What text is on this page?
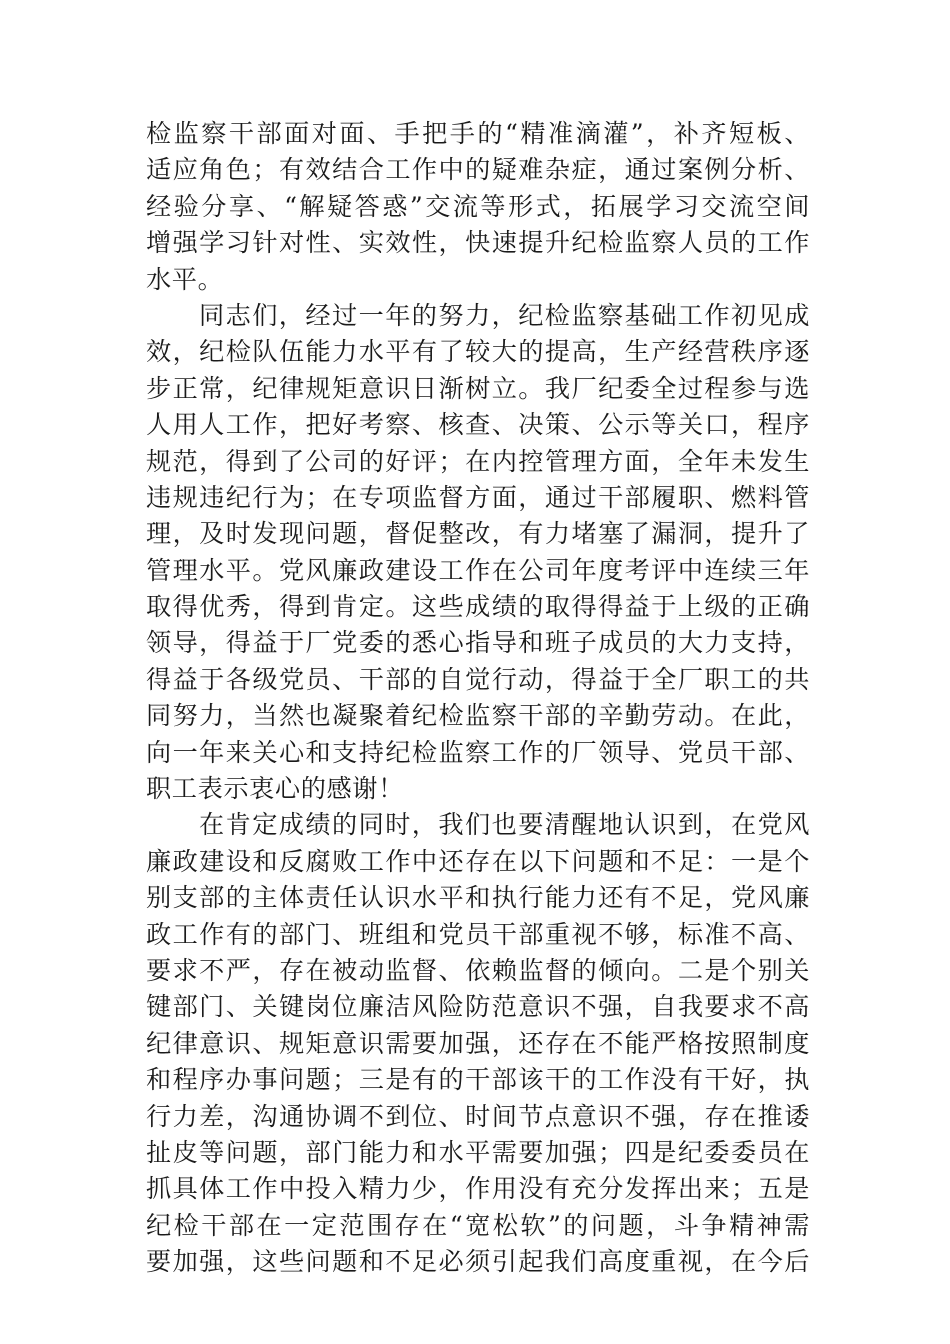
检监察干部面对面、手把手的“精准滴灌”，补齐短板、
适应角色；有效结合工作中的疑难杂症，通过案例分析、
经验分享、“解疑答惑”交流等形式，拓展学习交流空间
增强学习针对性、实效性，快速提升纪检监察人员的工作
水平。
同志们，经过一年的努力，纪检监察基础工作初见成
效，纪检队伍能力水平有了较大的提高，生产经营秩序逐
步正常，纪律规矩意识日渐树立。我厂纪委全过程参与选
人用人工作，把好考察、核查、决策、公示等关口，程序
规范，得到了公司的好评；在内控管理方面，全年未发生
违规违纪行为；在专项监督方面，通过干部履职、燃料管
理，及时发现问题，督促整改，有力堵塞了漏洞，提升了
管理水平。党风廉政建设工作在公司年度考评中连续三年
取得优秀，得到肯定。这些成绩的取得得益于上级的正确
领导，得益于厂党委的悉心指导和班子成员的大力支持，
得益于各级党员、干部的自觉行动，得益于全厂职工的共
同努力，当然也凝聚着纪检监察干部的辛勤劳动。在此，
向一年来关心和支持纪检监察工作的厂领导、党员干部、
职工表示衷心的感谢！
在肯定成绩的同时，我们也要清醒地认识到，在党风
廉政建设和反腐败工作中还存在以下问题和不足：一是个
别支部的主体责任认识水平和执行能力还有不足，党风廉
政工作有的部门、班组和党员干部重视不够，标准不高、
要求不严，存在被动监督、依赖监督的倾向。二是个别关
键部门、关键岗位廉洁风险防范意识不强，自我要求不高
纪律意识、规矩意识需要加强，还存在不能严格按照制度
和程序办事问题；三是有的干部该干的工作没有干好，执
行力差，沟通协调不到位、时间节点意识不强，存在推诿
扯皮等问题，部门能力和水平需要加强；四是纪委委员在
抓具体工作中投入精力少，作用没有充分发挥出来；五是
纪检干部在一定范围存在“宽松软”的问题，斗争精神需
要加强，这些问题和不足必须引起我们高度重视，在今后
